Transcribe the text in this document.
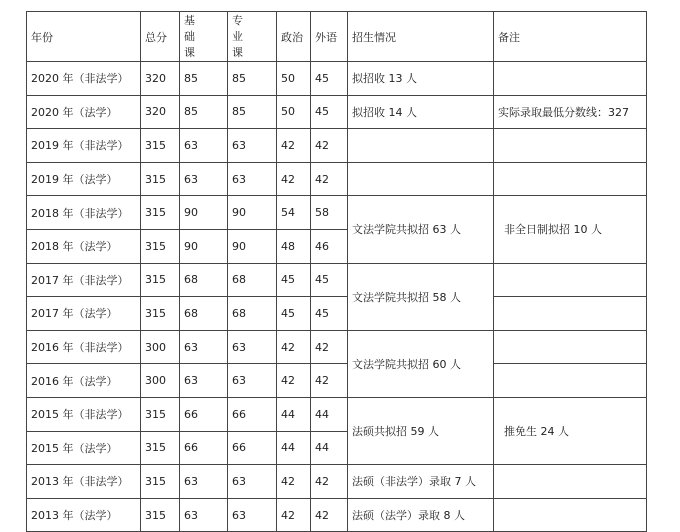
年份	总分	基 础 课	专 业 课	政治	外语	招生情况	备注
2020 年（非法学）	320	85	85	50	45	拟招收 13 人	
2020 年（法学）	320	85	85	50	45	拟招收 14 人	实际录取最低分数线：327
2019 年（非法学）	315	63	63	42	42		
2019 年（法学）	315	63	63	42	42		
2018 年（非法学）	315	90	90	54	58	文法学院共拟招 63 人	非全日制拟招 10 人
2018 年（法学）	315	90	90	48	46		
2017 年（非法学）	315	68	68	45	45	文法学院共拟招 58 人	
2017 年（法学）	315	68	68	45	45		
2016 年（非法学）	300	63	63	42	42	文法学院共拟招 60 人	
2016 年（法学）	300	63	63	42	42		
2015 年（非法学）	315	66	66	44	44	法硕共拟招 59 人	推免生 24 人
2015 年（法学）	315	66	66	44	44		
2013 年（非法学）	315	63	63	42	42	法硕（非法学）录取 7 人	
2013 年（法学）	315	63	63	42	42	法硕（法学）录取 8 人	
